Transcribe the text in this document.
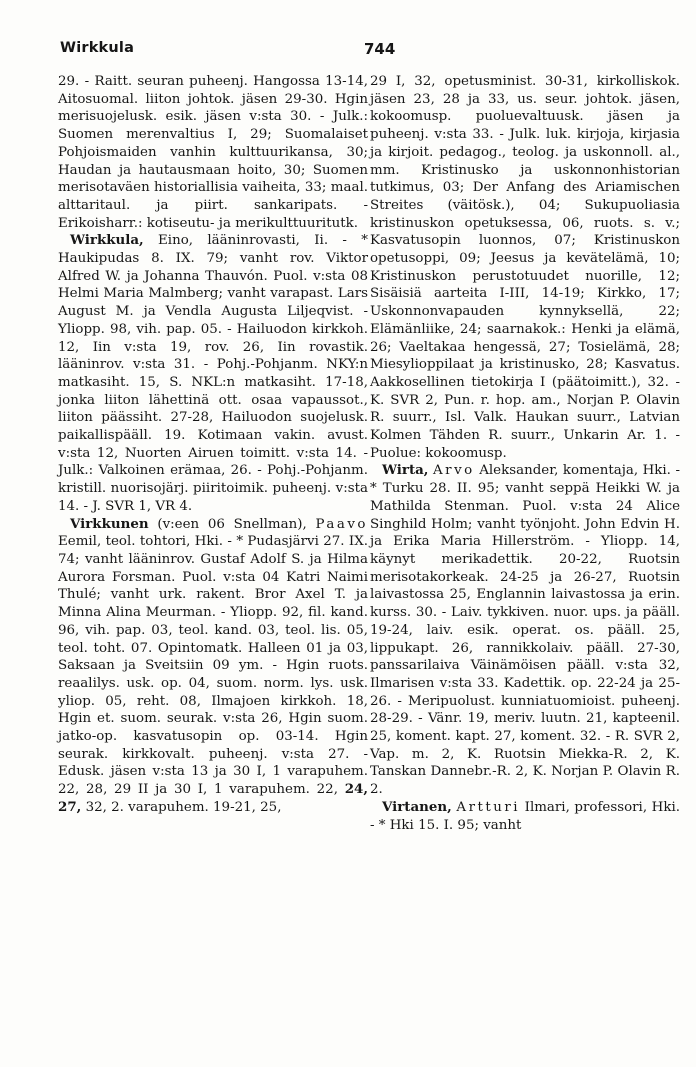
Wirkkula	744

29. - Raitt. seuran puheenj. Hangossa 13-14, Aitosuomal. liiton johtok. jäsen 29-30. Hgin merisuojelusk. esik. jäsen v:sta 30. - Julk.: Suomen merenvaltius I, 29; Suomalaiset Pohjoismaiden vanhin kulttuurikansa, 30; Haudan ja hautausmaan hoito, 30; Suomen merisotaväen historiallisia vaiheita, 33; maal. alttaritaul. ja piirt. sankaripats. - Erikoisharr.: kotiseutu- ja merikulttuuritutk.

Wirkkula, Eino, lääninrovasti, Ii. - * Haukipudas 8. IX. 79; vanht rov. Viktor Alfred W. ja Johanna Thauvón. Puol. v:sta 08 Helmi Maria Malmberg; vanht varapast. Lars August M. ja Vendla Augusta Liljeqvist. - Yliopp. 98, vih. pap. 05. - Hailuodon kirkkoh. 12, Iin v:sta 19, rov. 26, Iin rovastik. lääninrov. v:sta 31. - Pohj.-Pohjanm. NKY:n matkasiht. 15, S. NKL:n matkasiht. 17-18, jonka liiton lähettinä ott. osaa vapaussot., liiton päässiht. 27-28, Hailuodon suojelusk. paikallispääll. 19. Kotimaan vakin. avust. v:sta 12, Nuorten Airuen toimitt. v:sta 14. - Julk.: Valkoinen erämaa, 26. - Pohj.-Pohjanm. kristill. nuorisojärj. piiritoimik. puheenj. v:sta 14. - J. SVR 1, VR 4.

Virkkunen (v:een 06 Snellman), Paavo Eemil, teol. tohtori, Hki. - * Pudasjärvi 27. IX. 74; vanht lääninrov. Gustaf Adolf S. ja Hilma Aurora Forsman. Puol. v:sta 04 Katri Naimi Thulé; vanht urk. rakent. Bror Axel T. ja Minna Alina Meurman. - Yliopp. 92, fil. kand. 96, vih. pap. 03, teol. kand. 03, teol. lis. 05, teol. toht. 07. Opintomatk. Halleen 01 ja 03, Saksaan ja Sveitsiin 09 ym. - Hgin ruots. reaalilys. usk. op. 04, suom. norm. lys. usk. yliop. 05, reht. 08, Ilmajoen kirkkoh. 18, Hgin et. suom. seurak. v:sta 26, Hgin suom. jatko-op. kasvatusopin op. 03-14. Hgin seurak. kirkkovalt. puheenj. v:sta 27. - Edusk. jäsen v:sta 13 ja 30 I, 1 varapuhem. 22, 28, 29 II ja 30 I, 1 varapuhem. 22, 24, 27, 32, 2. varapuhem. 19-21, 25,

29 I, 32, opetusminist. 30-31, kirkolliskok. jäsen 23, 28 ja 33, us. seur. johtok. jäsen, kokoomusp. puoluevaltuusk. jäsen ja puheenj. v:sta 33. - Julk. luk. kirjoja, kirjasia ja kirjoit. pedagog., teolog. ja uskonnoll. al., mm. Kristinusko ja uskonnonhistorian tutkimus, 03; Der Anfang des Ariamischen Streites (väitösk.), 04; Sukupuoliasia kristinuskon opetuksessa, 06, ruots. s. v.; Kasvatusopin luonnos, 07; Kristinuskon opetusoppi, 09; Jeesus ja kevätelämä, 10; Kristinuskon perustotuudet nuorille, 12; Sisäisiä aarteita I-III, 14-19; Kirkko, 17; Uskonnonvapauden kynnyksellä, 22; Elämänliike, 24; saarnakok.: Henki ja elämä, 26; Vaeltakaa hengessä, 27; Tosielämä, 28; Miesylioppilaat ja kristinusko, 28; Kasvatus. Aakkosellinen tietokirja I (päätoimitt.), 32. - K. SVR 2, Pun. r. hop. am., Norjan P. Olavin R. suurr., Isl. Valk. Haukan suurr., Latvian Kolmen Tähden R. suurr., Unkarin Ar. 1. - Puolue: kokoomusp.

Wirta, Arvo Aleksander, komentaja, Hki. - * Turku 28. II. 95; vanht seppä Heikki W. ja Mathilda Stenman. Puol. v:sta 24 Alice Singhild Holm; vanht työnjoht. John Edvin H. ja Erika Maria Hillerström. - Yliopp. 14, käynyt merikadettik. 20-22, Ruotsin merisotakorkeak. 24-25 ja 26-27, Ruotsin laivastossa 25, Englannin laivastossa ja erin. kurss. 30. - Laiv. tykkiven. nuor. ups. ja pääll. 19-24, laiv. esik. operat. os. pääll. 25, lippukapt. 26, rannikkolaiv. pääll. 27-30, panssarilaiva Väinämöisen pääll. v:sta 32, Ilmarisen v:sta 33. Kadettik. op. 22-24 ja 25-26. - Meripuolust. kunniatuomioist. puheenj. 28-29. - Vänr. 19, meriv. luutn. 21, kapteenil. 25, koment. kapt. 27, koment. 32. - R. SVR 2, Vap. m. 2, K. Ruotsin Miekka-R. 2, K. Tanskan Dannebr.-R. 2, K. Norjan P. Olavin R. 2.

Virtanen, Artturi Ilmari, professori, Hki. - * Hki 15. I. 95; vanht
